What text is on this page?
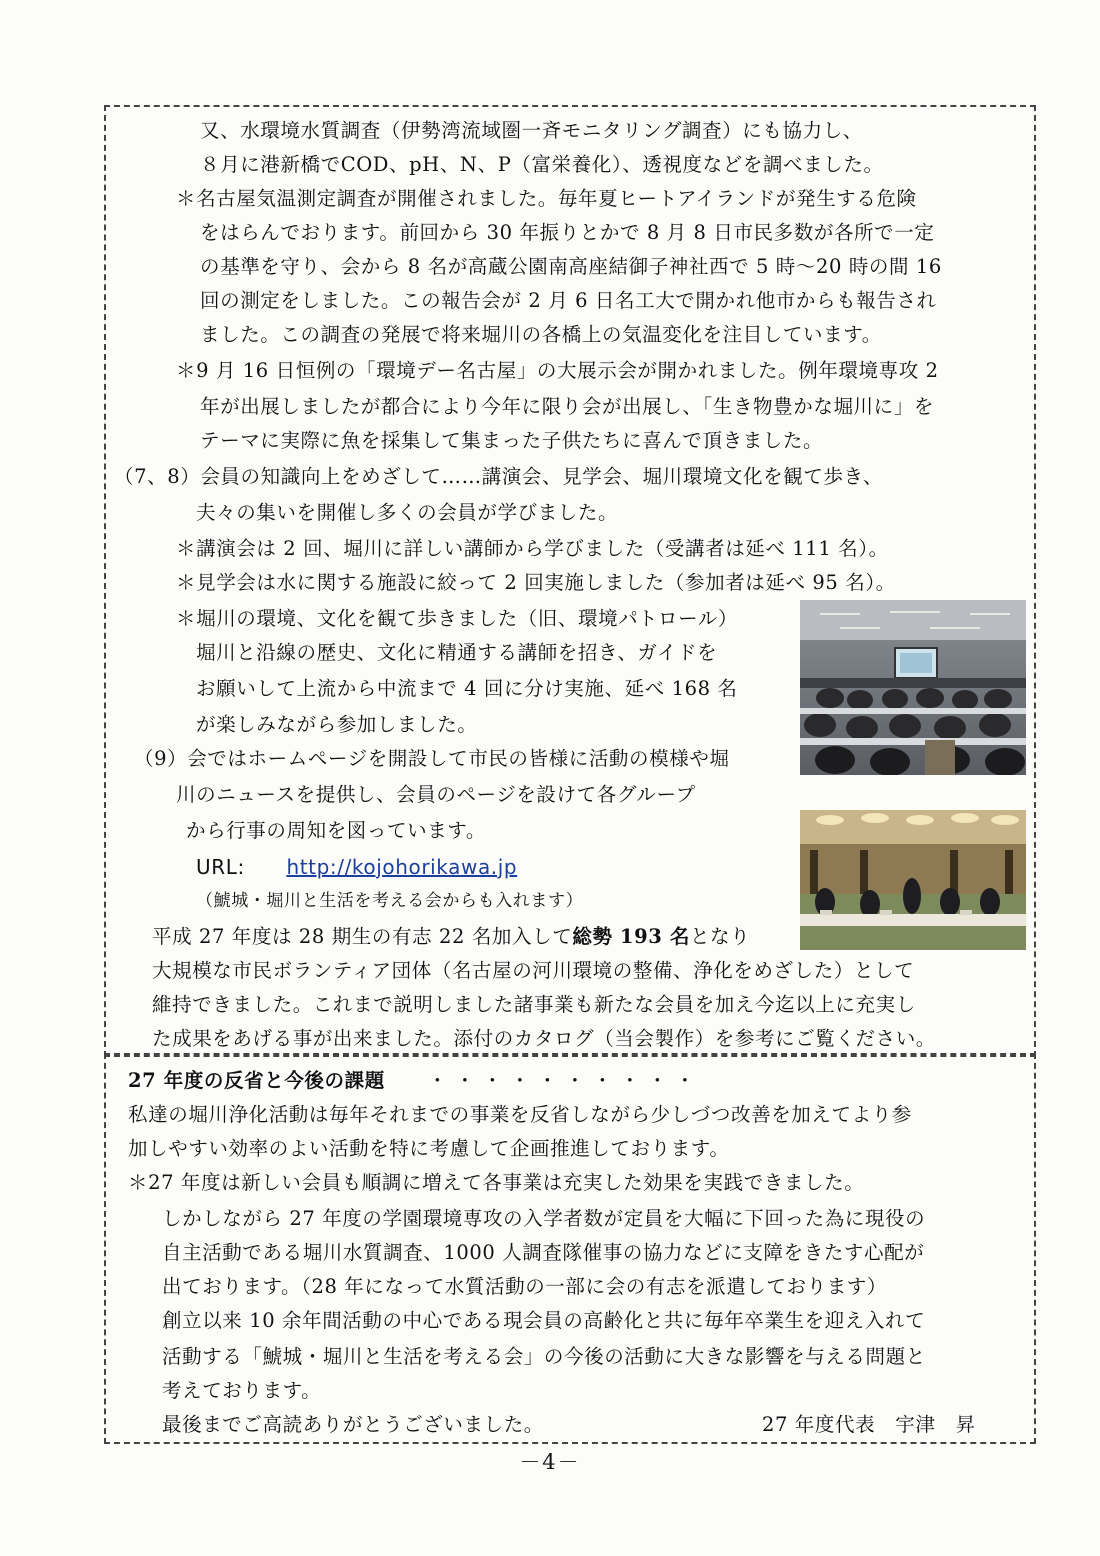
又、水環境水質調査（伊勢湾流域圏一斉モニタリング調査）にも協力し、
８月に港新橋でCOD、pH、N、P（富栄養化）、透視度などを調べました。
＊名古屋気温測定調査が開催されました。毎年夏ヒートアイランドが発生する危険
をはらんでおります。前回から 30 年振りとかで 8 月 8 日市民多数が各所で一定
の基準を守り、会から 8 名が高蔵公園南高座結御子神社西で 5 時〜20 時の間 16
回の測定をしました。この報告会が 2 月 6 日名工大で開かれ他市からも報告され
ました。この調査の発展で将来堀川の各橋上の気温変化を注目しています。
＊9 月 16 日恒例の「環境デー名古屋」の大展示会が開かれました。例年環境専攻 2
年が出展しましたが都合により今年に限り会が出展し、「生き物豊かな堀川に」を
テーマに実際に魚を採集して集まった子供たちに喜んで頂きました。
（7、8）会員の知識向上をめざして……講演会、見学会、堀川環境文化を観て歩き、
夫々の集いを開催し多くの会員が学びました。
＊講演会は 2 回、堀川に詳しい講師から学びました（受講者は延べ 111 名）。
＊見学会は水に関する施設に絞って 2 回実施しました（参加者は延べ 95 名）。
＊堀川の環境、文化を観て歩きました（旧、環境パトロール）
堀川と沿線の歴史、文化に精通する講師を招き、ガイドを
お願いして上流から中流まで 4 回に分け実施、延べ 168 名
が楽しみながら参加しました。
（9）会ではホームページを開設して市民の皆様に活動の模様や堀
川のニュースを提供し、会員のページを設けて各グループ
から行事の周知を図っています。
URL: http://kojohorikawa.jp
（鯱城・堀川と生活を考える会からも入れます）
平成 27 年度は 28 期生の有志 22 名加入して総勢 193 名となり
大規模な市民ボランティア団体（名古屋の河川環境の整備、浄化をめざした）として
維持できました。これまで説明しました諸事業も新たな会員を加え今迄以上に充実し
た成果をあげる事が出来ました。添付のカタログ（当会製作）を参考にご覧ください。
27 年度の反省と今後の課題 ・・・・・・・・・・
私達の堀川浄化活動は毎年それまでの事業を反省しながら少しづつ改善を加えてより参
加しやすい効率のよい活動を特に考慮して企画推進しております。
＊27 年度は新しい会員も順調に増えて各事業は充実した効果を実践できました。
しかしながら 27 年度の学園環境専攻の入学者数が定員を大幅に下回った為に現役の
自主活動である堀川水質調査、1000 人調査隊催事の協力などに支障をきたす心配が
出ております。（28 年になって水質活動の一部に会の有志を派遣しております）
創立以来 10 余年間活動の中心である現会員の高齢化と共に毎年卒業生を迎え入れて
活動する「鯱城・堀川と生活を考える会」の今後の活動に大きな影響を与える問題と
考えております。
最後までご高読ありがとうございました。	27 年度代表　宇津　昇
－4－
